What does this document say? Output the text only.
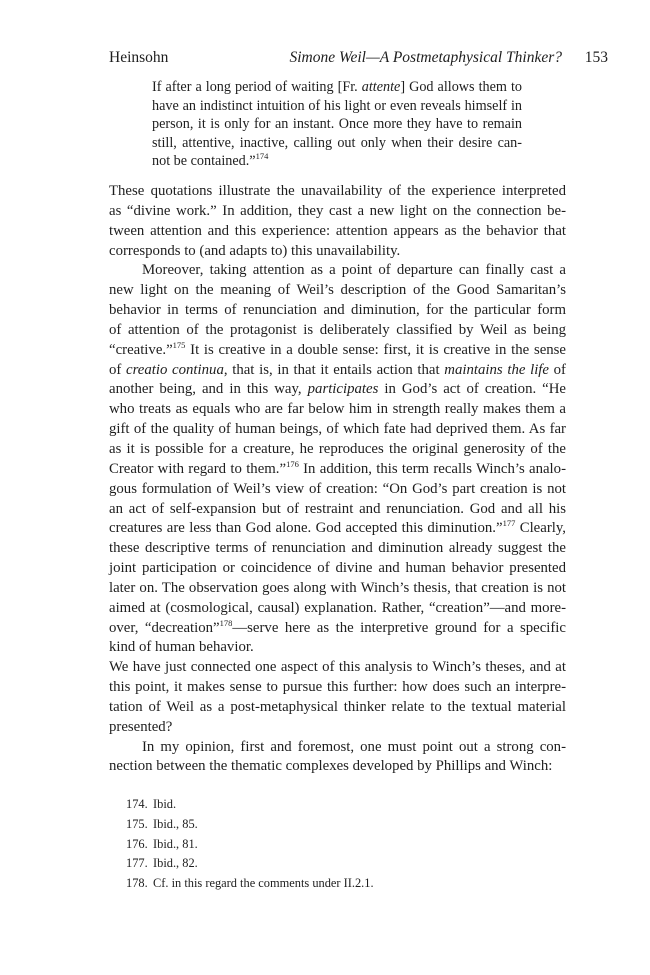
Heinsohn	Simone Weil—A Postmetaphysical Thinker? 153
If after a long period of waiting [Fr. attente] God allows them to
have an indistinct intuition of his light or even reveals himself in
person, it is only for an instant. Once more they have to remain
still, attentive, inactive, calling out only when their desire can-
not be contained.”$^{174}$
These quotations illustrate the unavailability of the experience interpreted
as “divine work.” In addition, they cast a new light on the connection be-
tween attention and this experience: attention appears as the behavior that
corresponds to (and adapts to) this unavailability.
Moreover, taking attention as a point of departure can finally cast a
new light on the meaning of Weil’s description of the Good Samaritan’s
behavior in terms of renunciation and diminution, for the particular form
of attention of the protagonist is deliberately classified by Weil as being
“creative.”$^{175}$ It is creative in a double sense: first, it is creative in the sense
of creatio continua, that is, in that it entails action that maintains the life of
another being, and in this way, participates in God’s act of creation. “He
who treats as equals who are far below him in strength really makes them a
gift of the quality of human beings, of which fate had deprived them. As far
as it is possible for a creature, he reproduces the original generosity of the
Creator with regard to them.”$^{176}$ In addition, this term recalls Winch’s analo-
gous formulation of Weil’s view of creation: “On God’s part creation is not
an act of self-expansion but of restraint and renunciation. God and all his
creatures are less than God alone. God accepted this diminution.”$^{177}$ Clearly,
these descriptive terms of renunciation and diminution already suggest the
joint participation or coincidence of divine and human behavior presented
later on. The observation goes along with Winch’s thesis, that creation is not
aimed at (cosmological, causal) explanation. Rather, “creation”—and more-
over, “decreation”$^{178}$—serve here as the interpretive ground for a specific
kind of human behavior.
We have just connected one aspect of this analysis to Winch’s theses, and at
this point, it makes sense to pursue this further: how does such an interpre-
tation of Weil as a post-metaphysical thinker relate to the textual material
presented?
In my opinion, first and foremost, one must point out a strong con-
nection between the thematic complexes developed by Phillips and Winch:
174. Ibid.
175. Ibid., 85.
176. Ibid., 81.
177. Ibid., 82.
178. Cf. in this regard the comments under II.2.1.
